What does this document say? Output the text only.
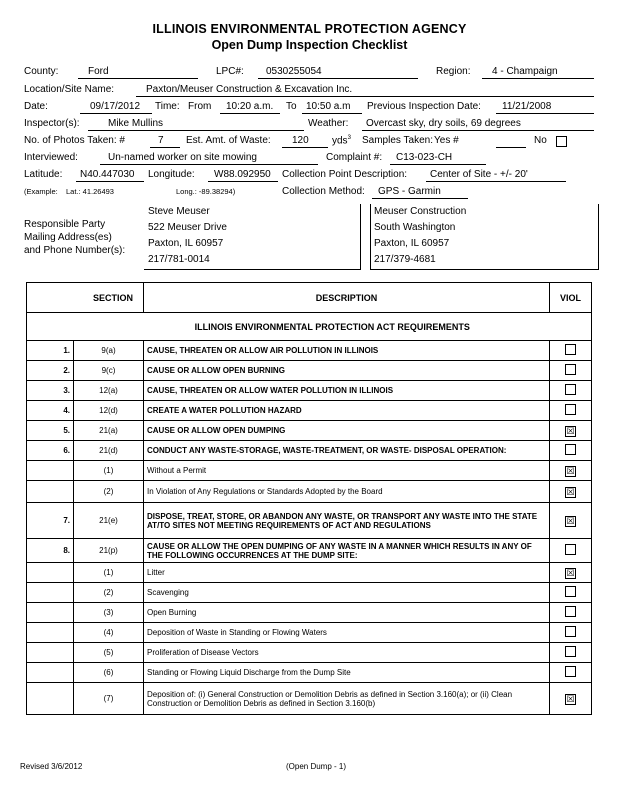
ILLINOIS ENVIRONMENTAL PROTECTION AGENCY
Open Dump Inspection Checklist
County:	Ford	LPC#: 0530255054	Region: 4 - Champaign
Location/Site Name:	Paxton/Meuser Construction & Excavation Inc.
Date:	09/17/2012 Time: From 10:20 a.m. To 10:50 a.m Previous Inspection Date: 11/21/2008
Inspector(s):	Mike Mullins	Weather: Overcast sky, dry soils, 69 degrees
No. of Photos Taken: #	7 Est. Amt. of Waste: 120 yds$^3$ Samples Taken: Yes #	No
Interviewed:	Un-named worker on site mowing	Complaint #: C13-023-CH
Latitude: N40.447030 Longitude: W88.092950 Collection Point Description: Center of Site - +/- 20'
(Example: Lat.: 41.26493	Long.: -89.38294)	Collection Method: GPS - Garmin
Responsible Party
Mailing Address(es)
and Phone Number(s):
Steve Meuser
522 Meuser Drive
Paxton, IL 60957
217/781-0014
Meuser Construction
South Washington
Paxton, IL 60957
217/379-4681
SECTION		DESCRIPTION	VIOL
	ILLINOIS ENVIRONMENTAL PROTECTION ACT REQUIREMENTS		
1.	9(a)	CAUSE, THREATEN OR ALLOW AIR POLLUTION IN ILLINOIS	
2.	9(c)	CAUSE OR ALLOW OPEN BURNING	
3.	12(a)	CAUSE, THREATEN OR ALLOW WATER POLLUTION IN ILLINOIS	
4.	12(d)	CREATE A WATER POLLUTION HAZARD	
5.	21(a)	CAUSE OR ALLOW OPEN DUMPING	☒
6.	21(d)	CONDUCT ANY WASTE-STORAGE, WASTE-TREATMENT, OR WASTE- DISPOSAL OPERATION:	
	(1)	Without a Permit	☒
	(2)	In Violation of Any Regulations or Standards Adopted by the Board	☒
7.	21(e)	DISPOSE, TREAT, STORE, OR ABANDON ANY WASTE, OR TRANSPORT ANY WASTE INTO THE STATE AT/TO SITES NOT MEETING REQUIREMENTS OF ACT AND REGULATIONS	☒
8.	21(p)	CAUSE OR ALLOW THE OPEN DUMPING OF ANY WASTE IN A MANNER WHICH RESULTS IN ANY OF THE FOLLOWING OCCURRENCES AT THE DUMP SITE:	
	(1)	Litter	☒
	(2)	Scavenging	
	(3)	Open Burning	
	(4)	Deposition of Waste in Standing or Flowing Waters	
	(5)	Proliferation of Disease Vectors	
	(6)	Standing or Flowing Liquid Discharge from the Dump Site	
	(7)	Deposition of: (i) General Construction or Demolition Debris as defined in Section 3.160(a); or (ii) Clean Construction or Demolition Debris as defined in Section 3.160(b)	☒
Revised 3/6/2012	(Open Dump - 1)
